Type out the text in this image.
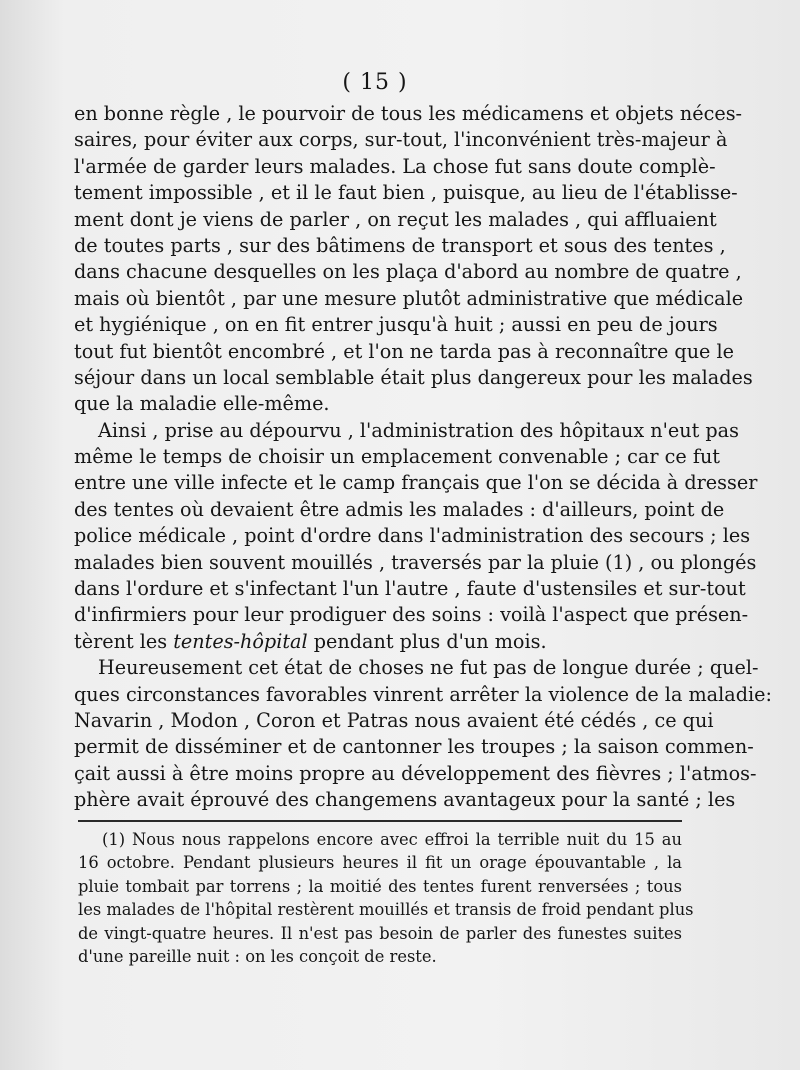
( 15 )
en bonne règle , le pourvoir de tous les médicamens et objets néces-
saires, pour éviter aux corps, sur-tout, l'inconvénient très-majeur à
l'armée de garder leurs malades. La chose fut sans doute complè-
tement impossible , et il le faut bien , puisque, au lieu de l'établisse-
ment dont je viens de parler , on reçut les malades , qui affluaient
de toutes parts , sur des bâtimens de transport et sous des tentes ,
dans chacune desquelles on les plaça d'abord au nombre de quatre ,
mais où bientôt , par une mesure plutôt administrative que médicale
et hygiénique , on en fit entrer jusqu'à huit ; aussi en peu de jours
tout fut bientôt encombré , et l'on ne tarda pas à reconnaître que le
séjour dans un local semblable était plus dangereux pour les malades
que la maladie elle-même.
Ainsi , prise au dépourvu , l'administration des hôpitaux n'eut pas
même le temps de choisir un emplacement convenable ; car ce fut
entre une ville infecte et le camp français que l'on se décida à dresser
des tentes où devaient être admis les malades : d'ailleurs, point de
police médicale , point d'ordre dans l'administration des secours ; les
malades bien souvent mouillés , traversés par la pluie (1) , ou plongés
dans l'ordure et s'infectant l'un l'autre , faute d'ustensiles et sur-tout
d'infirmiers pour leur prodiguer des soins : voilà l'aspect que présen-
tèrent les tentes-hôpital pendant plus d'un mois.
Heureusement cet état de choses ne fut pas de longue durée ; quel-
ques circonstances favorables vinrent arrêter la violence de la maladie:
Navarin , Modon , Coron et Patras nous avaient été cédés , ce qui
permit de disséminer et de cantonner les troupes ; la saison commen-
çait aussi à être moins propre au développement des fièvres ; l'atmos-
phère avait éprouvé des changemens avantageux pour la santé ; les
(1) Nous nous rappelons encore avec effroi la terrible nuit du 15 au
16 octobre. Pendant plusieurs heures il fit un orage épouvantable , la
pluie tombait par torrens ; la moitié des tentes furent renversées ; tous
les malades de l'hôpital restèrent mouillés et transis de froid pendant plus
de vingt-quatre heures. Il n'est pas besoin de parler des funestes suites
d'une pareille nuit : on les conçoit de reste.
